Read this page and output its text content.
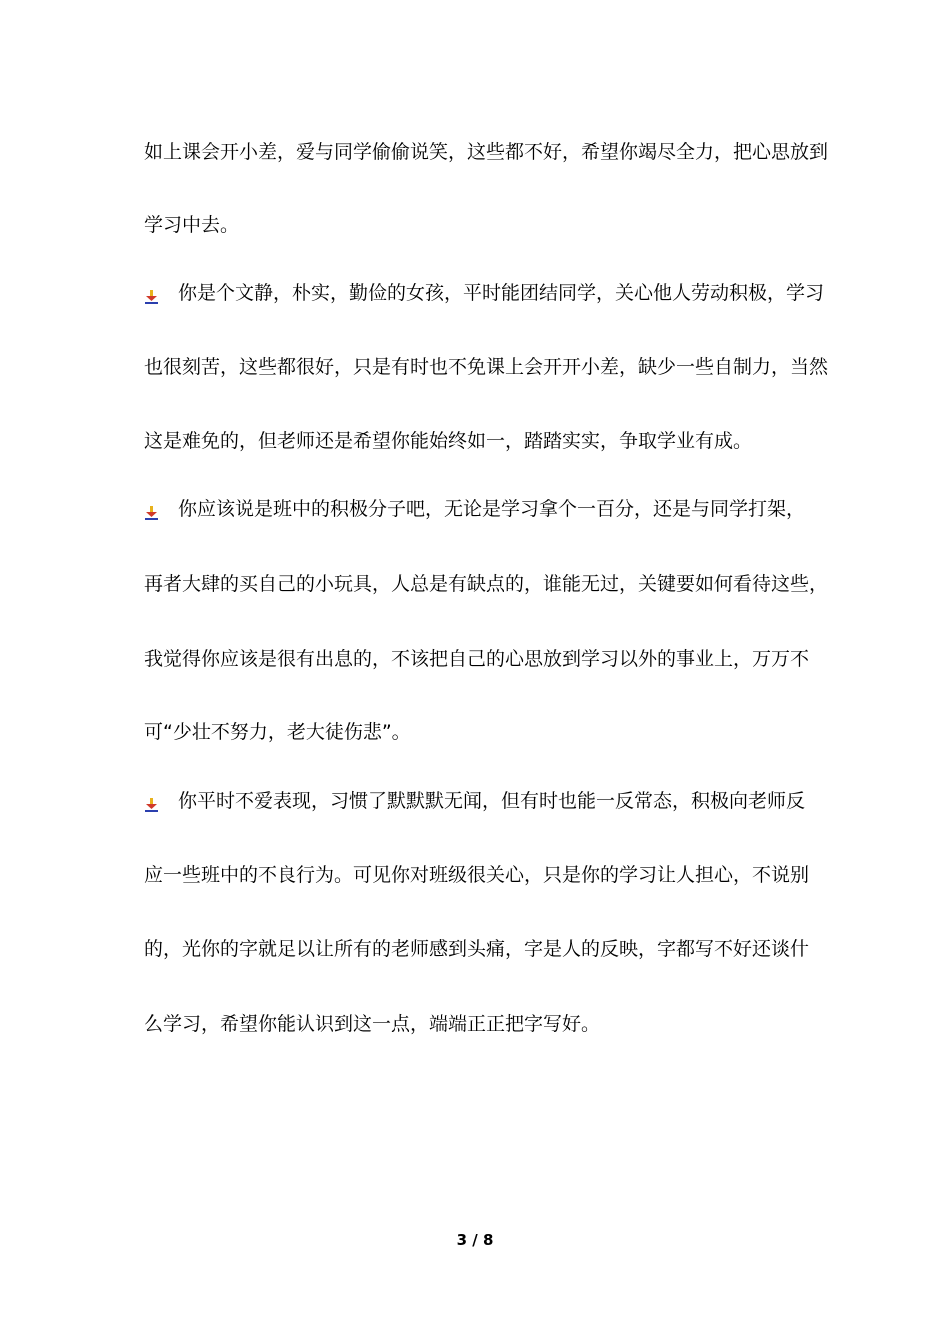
如上课会开小差，爱与同学偷偷说笑，这些都不好，希望你竭尽全力，把心思放到
学习中去。
你是个文静，朴实，勤俭的女孩，平时能团结同学，关心他人劳动积极，学习
也很刻苦，这些都很好，只是有时也不免课上会开开小差，缺少一些自制力，当然
这是难免的，但老师还是希望你能始终如一，踏踏实实，争取学业有成。
你应该说是班中的积极分子吧，无论是学习拿个一百分，还是与同学打架，
再者大肆的买自己的小玩具，人总是有缺点的，谁能无过，关键要如何看待这些，
我觉得你应该是很有出息的，不该把自己的心思放到学习以外的事业上，万万不
可“少壮不努力，老大徒伤悲”。
你平时不爱表现，习惯了默默默无闻，但有时也能一反常态，积极向老师反
应一些班中的不良行为。可见你对班级很关心，只是你的学习让人担心，不说别
的，光你的字就足以让所有的老师感到头痛，字是人的反映，字都写不好还谈什
么学习，希望你能认识到这一点，端端正正把字写好。
3 / 8
